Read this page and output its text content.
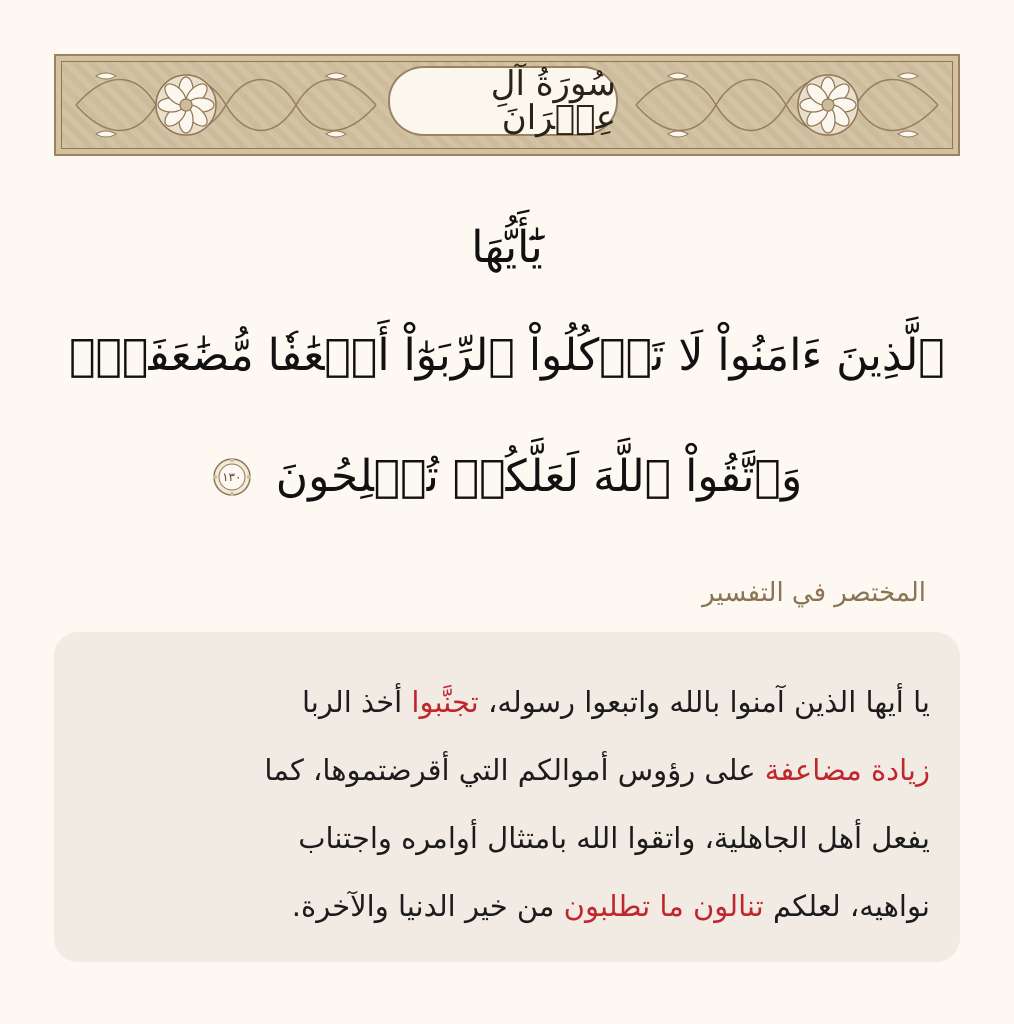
سُورَةُ آلِ عِمۡرَانَ
يَٰٓأَيُّهَا
ٱلَّذِينَ ءَامَنُواْ لَا تَأۡكُلُواْ ٱلرِّبَوٰٓاْ أَضۡعَٰفٗا مُّضَٰعَفَةٗۖ
وَٱتَّقُواْ ٱللَّهَ لَعَلَّكُمۡ تُفۡلِحُونَ
١٣٠
المختصر في التفسير
يا أيها الذين آمنوا بالله واتبعوا رسوله، تجنَّبوا أخذ الربا
زيادة مضاعفة على رؤوس أموالكم التي أقرضتموها، كما
يفعل أهل الجاهلية، واتقوا الله بامتثال أوامره واجتناب
نواهيه، لعلكم تنالون ما تطلبون من خير الدنيا والآخرة.
